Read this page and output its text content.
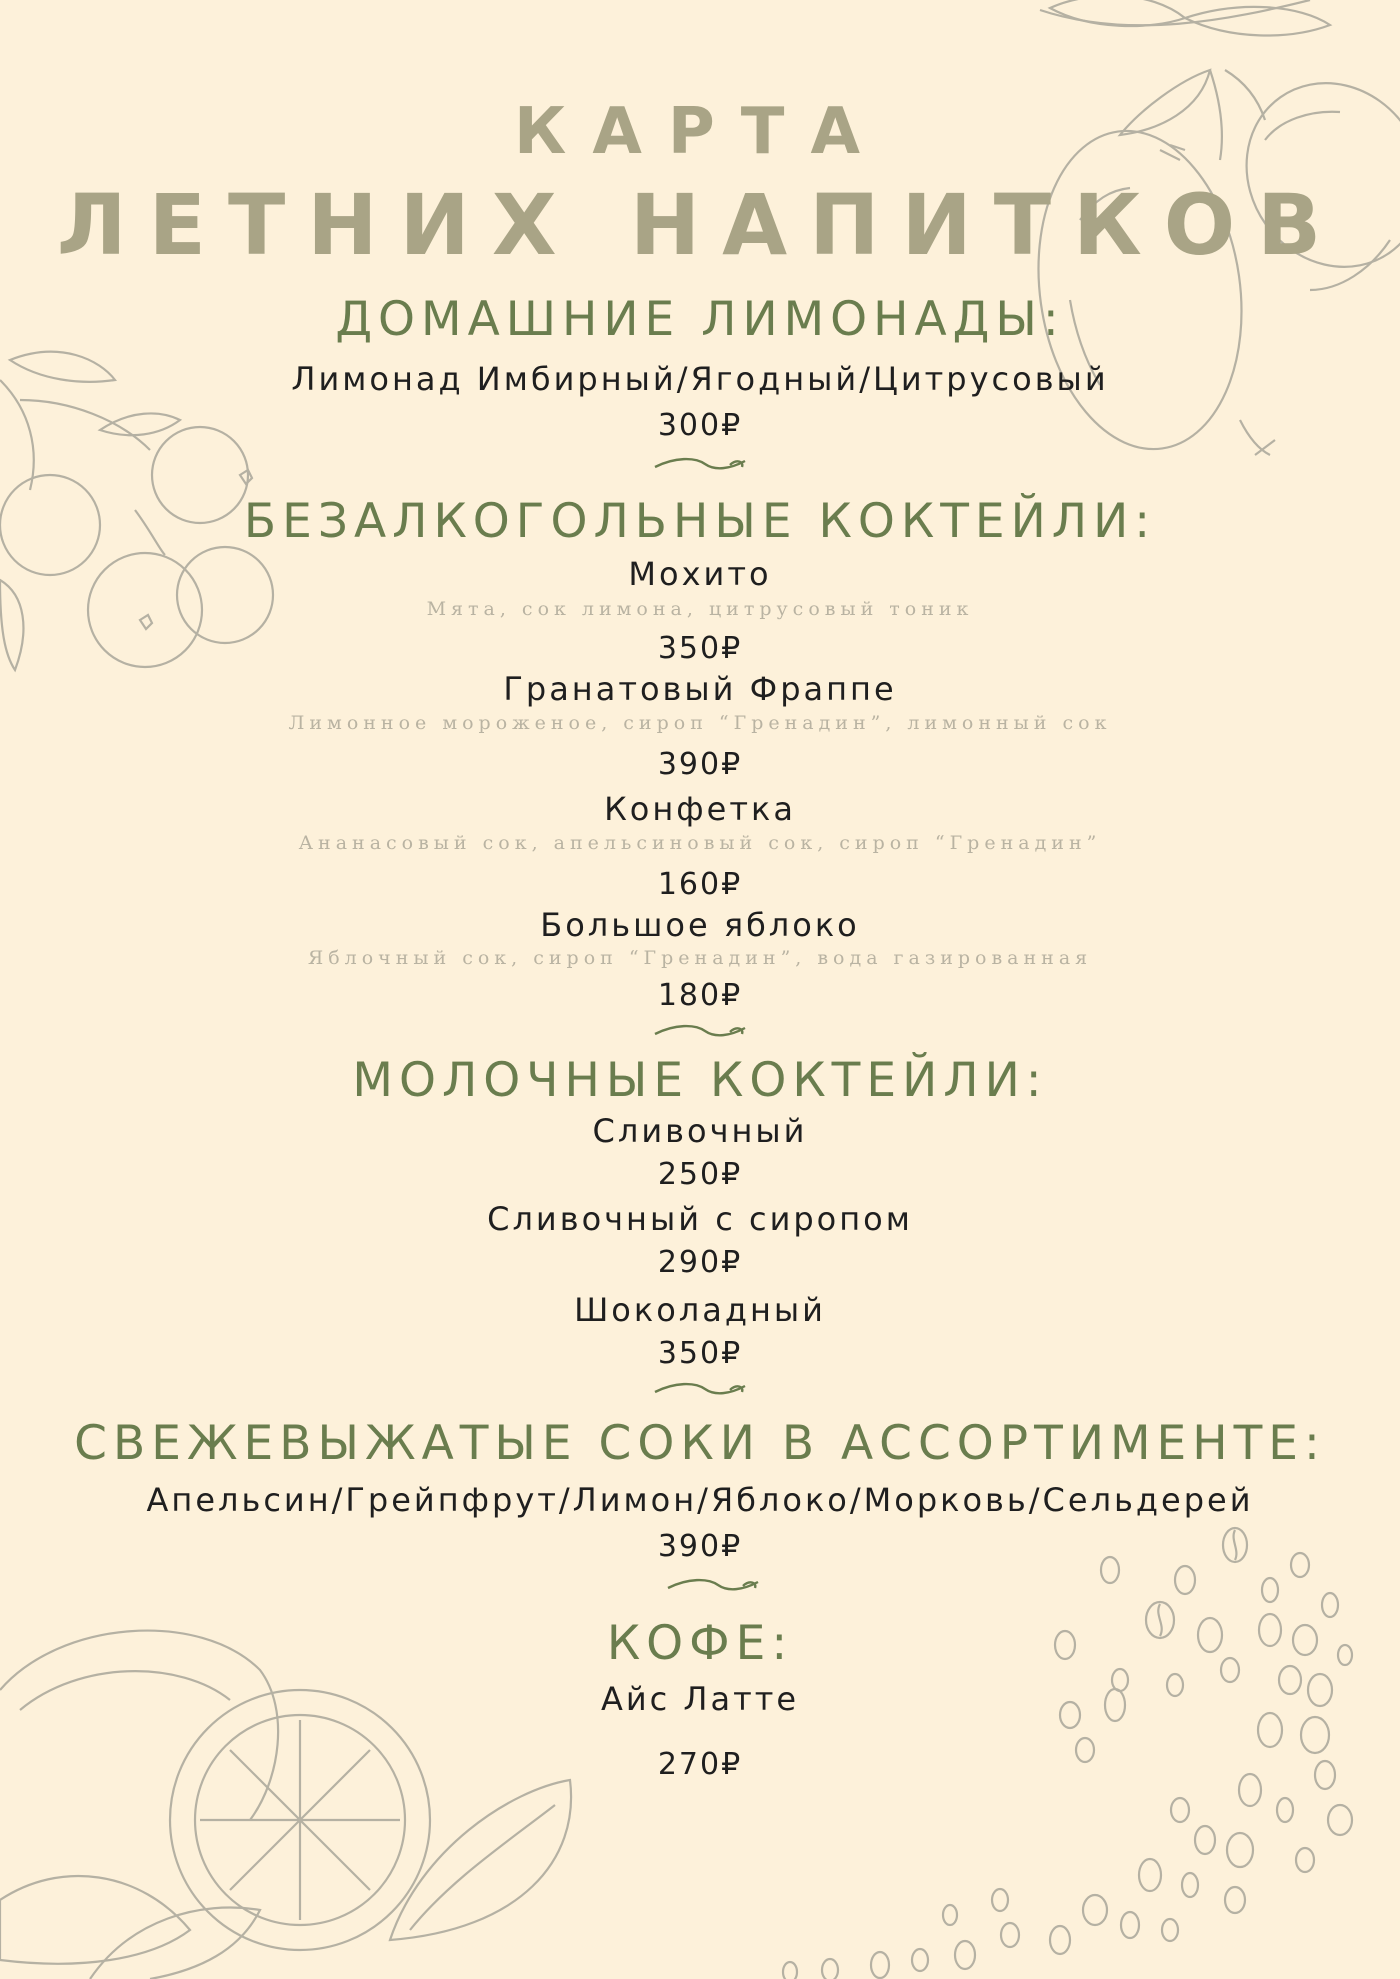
КАРТА
ЛЕТНИХ НАПИТКОВ
ДОМАШНИЕ ЛИМОНАДЫ:
Лимонад Имбирный/Ягодный/Цитрусовый
300₽
БЕЗАЛКОГОЛЬНЫЕ КОКТЕЙЛИ:
Мохито
Мята, сок лимона, цитрусовый тоник
350₽
Гранатовый Фраппе
Лимонное мороженое, сироп “Гренадин”, лимонный сок
390₽
Конфетка
Ананасовый сок, апельсиновый сок, сироп “Гренадин”
160₽
Большое яблоко
Яблочный сок, сироп “Гренадин”, вода газированная
180₽
МОЛОЧНЫЕ КОКТЕЙЛИ:
Сливочный
250₽
Сливочный с сиропом
290₽
Шоколадный
350₽
СВЕЖЕВЫЖАТЫЕ СОКИ В АССОРТИМЕНТЕ:
Апельсин/Грейпфрут/Лимон/Яблоко/Морковь/Сельдерей
390₽
КОФЕ:
Айс Латте
270₽
